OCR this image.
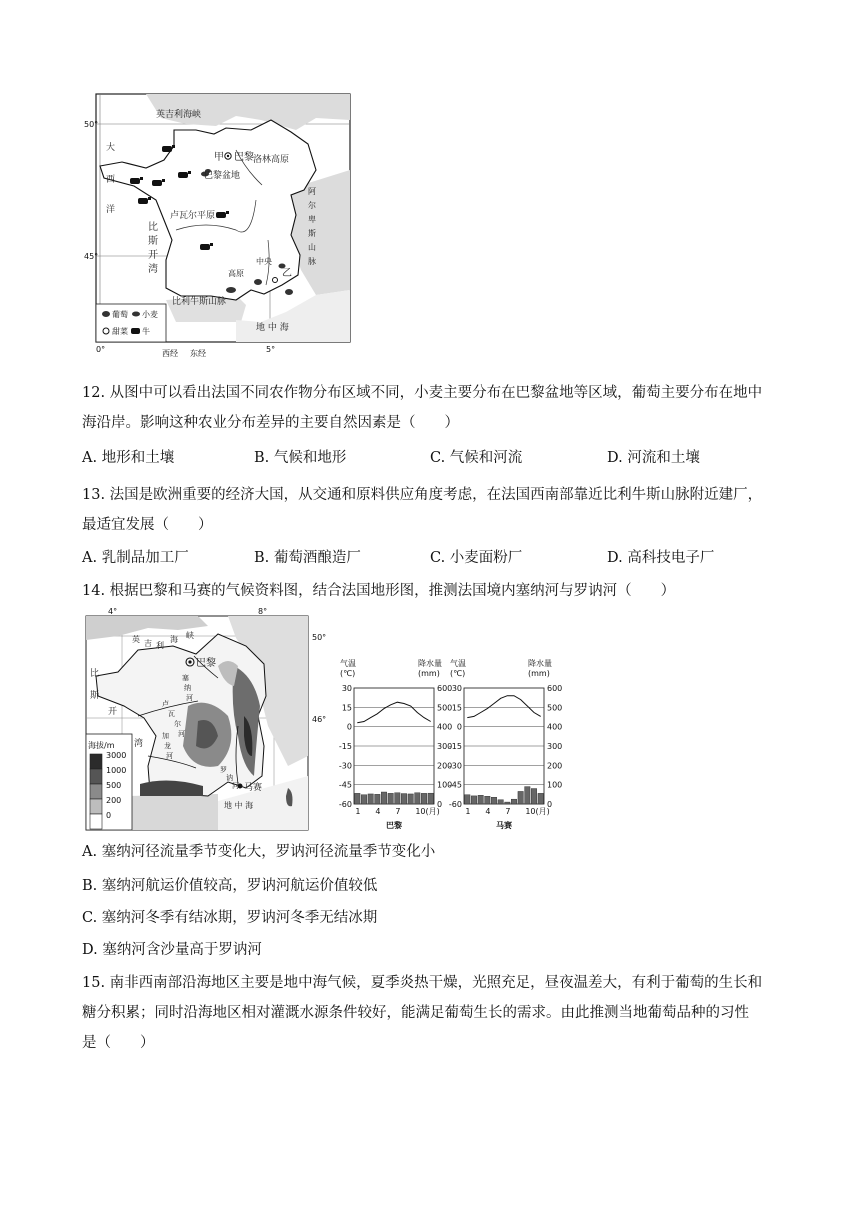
英吉利海峡
大
西
洋
比
斯
开
湾
甲 巴黎 洛林高原
巴黎盆地
卢瓦尔平原
中央
高原
阿
尔
卑
斯
山
脉
乙
比利牛斯山脉
地 中 海
50°
45°
0°	5°
西经 东经
葡萄 小麦
甜菜 牛
12. 从图中可以看出法国不同农作物分布区域不同，小麦主要分布在巴黎盆地等区域，葡萄主要分布在地中
海沿岸。影响这种农业分布差异的主要自然因素是（　　）
A. 地形和土壤	B. 气候和地形	C. 气候和河流	D. 河流和土壤
13. 法国是欧洲重要的经济大国，从交通和原料供应角度考虑，在法国西南部靠近比利牛斯山脉附近建厂，
最适宜发展（　　）
A. 乳制品加工厂	B. 葡萄酒酿造厂	C. 小麦面粉厂	D. 高科技电子厂
14. 根据巴黎和马赛的气候资料图，结合法国地形图，推测法国境内塞纳河与罗讷河（　　）
4°	8°
50°
46°
英 吉 利
海 峡
巴黎
塞
纳
河
卢
瓦
尔
河
加
龙
河
比
斯
开
湾
罗
讷
河 马赛
地 中 海
海拔/m
3000
1000
500
200
0
气温
(℃)
降水量
(mm)
30	600
15	500
0	400
-15	300
-30	200
-45	100
-60	0
1 4 7 10(月)
巴黎
气温
(℃)
降水量
(mm)
30	600
15	500
0	400
-15	300
-30	200
-45	100
-60	0
1 4 7 10(月)
马赛
A. 塞纳河径流量季节变化大，罗讷河径流量季节变化小
B. 塞纳河航运价值较高，罗讷河航运价值较低
C. 塞纳河冬季有结冰期，罗讷河冬季无结冰期
D. 塞纳河含沙量高于罗讷河
15. 南非西南部沿海地区主要是地中海气候，夏季炎热干燥，光照充足，昼夜温差大，有利于葡萄的生长和
糖分积累；同时沿海地区相对灌溉水源条件较好，能满足葡萄生长的需求。由此推测当地葡萄品种的习性
是（　　）
